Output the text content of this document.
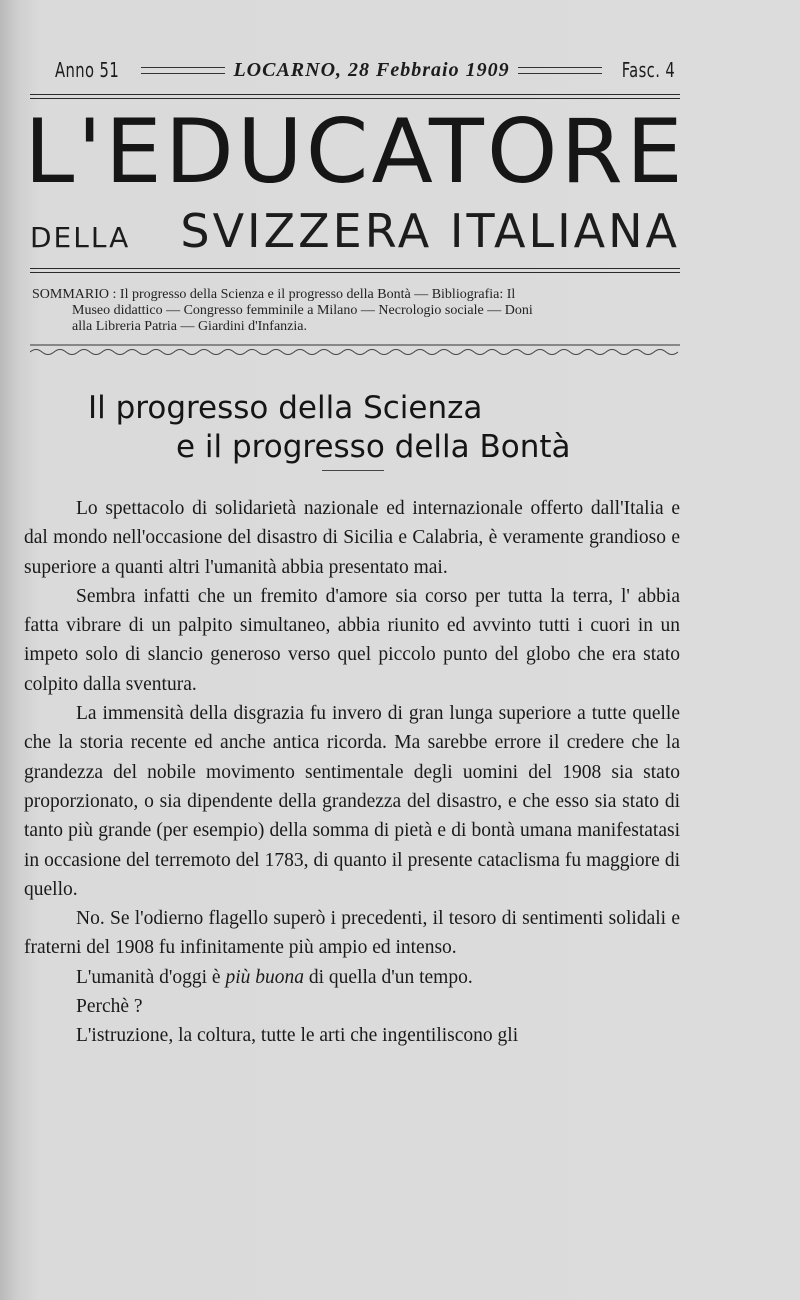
Anno 51	LOCARNO, 28 Febbraio 1909	Fasc. 4
L'EDUCATORE
DELLA SVIZZERA ITALIANA
SOMMARIO : Il progresso della Scienza e il progresso della Bontà — Bibliografia: Il
Museo didattico — Congresso femminile a Milano — Necrologio sociale — Doni
alla Libreria Patria — Giardini d'Infanzia.
Il progresso della Scienza
e il progresso della Bontà

Lo spettacolo di solidarietà nazionale ed internazionale offerto dall'Italia e dal mondo nell'occasione del disastro di Sicilia e Calabria, è veramente grandioso e superiore a quanti altri l'umanità abbia presentato mai.

Sembra infatti che un fremito d'amore sia corso per tutta la terra, l' abbia fatta vibrare di un palpito simultaneo, abbia riunito ed avvinto tutti i cuori in un impeto solo di slancio generoso verso quel piccolo punto del globo che era stato colpito dalla sventura.

La immensità della disgrazia fu invero di gran lunga superiore a tutte quelle che la storia recente ed anche antica ricorda. Ma sarebbe errore il credere che la grandezza del nobile movimento sentimentale degli uomini del 1908 sia stato proporzionato, o sia dipendente della grandezza del disastro, e che esso sia stato di tanto più grande (per esempio) della somma di pietà e di bontà umana manifestatasi in occasione del terremoto del 1783, di quanto il presente cataclisma fu maggiore di quello.

No. Se l'odierno flagello superò i precedenti, il tesoro di sentimenti solidali e fraterni del 1908 fu infinitamente più ampio ed intenso.

L'umanità d'oggi è più buona di quella d'un tempo.

Perchè ?

L'istruzione, la coltura, tutte le arti che ingentiliscono gli
